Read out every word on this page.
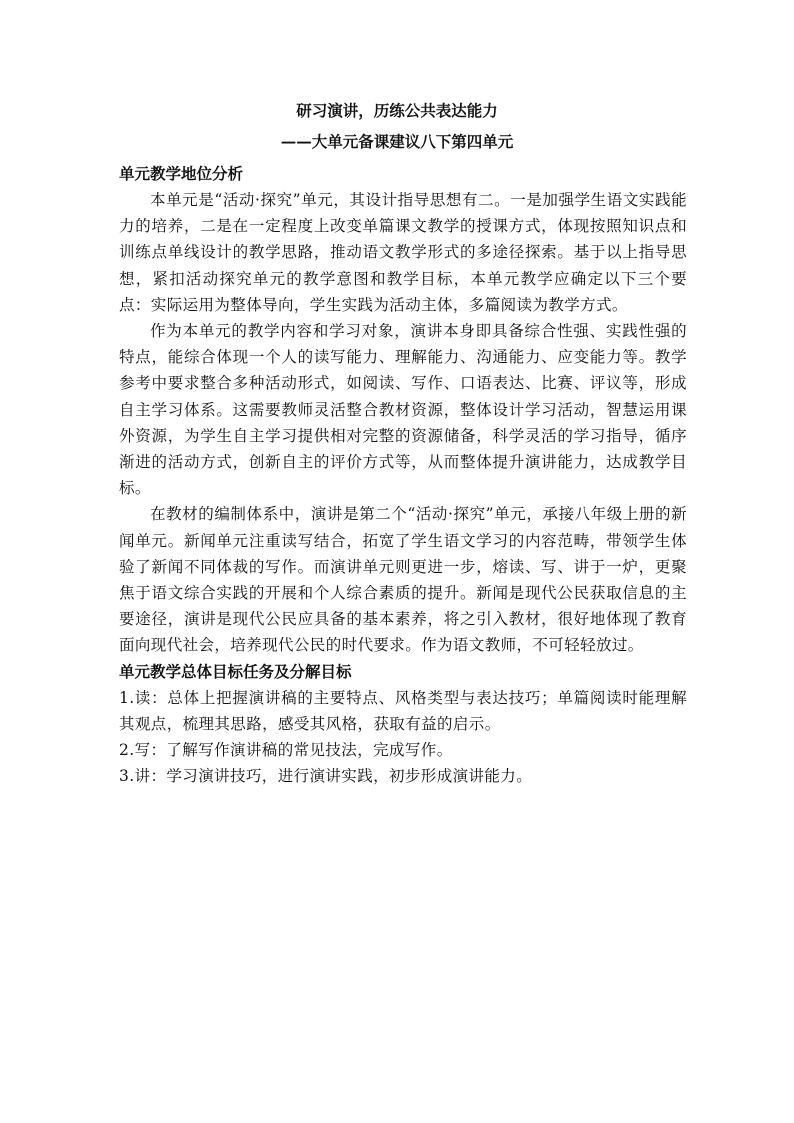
研习演讲，历练公共表达能力
——大单元备课建议八下第四单元

单元教学地位分析

本单元是“活动·探究”单元，其设计指导思想有二。一是加强学生语文实践能力的培养，二是在一定程度上改变单篇课文教学的授课方式，体现按照知识点和训练点单线设计的教学思路，推动语文教学形式的多途径探索。基于以上指导思想，紧扣活动探究单元的教学意图和教学目标，本单元教学应确定以下三个要点：实际运用为整体导向，学生实践为活动主体，多篇阅读为教学方式。

作为本单元的教学内容和学习对象，演讲本身即具备综合性强、实践性强的特点，能综合体现一个人的读写能力、理解能力、沟通能力、应变能力等。教学参考中要求整合多种活动形式，如阅读、写作、口语表达、比赛、评议等，形成自主学习体系。这需要教师灵活整合教材资源，整体设计学习活动，智慧运用课外资源，为学生自主学习提供相对完整的资源储备，科学灵活的学习指导，循序渐进的活动方式，创新自主的评价方式等，从而整体提升演讲能力，达成教学目标。

在教材的编制体系中，演讲是第二个“活动·探究”单元，承接八年级上册的新闻单元。新闻单元注重读写结合，拓宽了学生语文学习的内容范畴，带领学生体验了新闻不同体裁的写作。而演讲单元则更进一步，熔读、写、讲于一炉，更聚焦于语文综合实践的开展和个人综合素质的提升。新闻是现代公民获取信息的主要途径，演讲是现代公民应具备的基本素养，将之引入教材，很好地体现了教育面向现代社会，培养现代公民的时代要求。作为语文教师，不可轻轻放过。

单元教学总体目标任务及分解目标

1.读：总体上把握演讲稿的主要特点、风格类型与表达技巧；单篇阅读时能理解其观点，梳理其思路，感受其风格，获取有益的启示。

2.写：了解写作演讲稿的常见技法，完成写作。

3.讲：学习演讲技巧，进行演讲实践，初步形成演讲能力。
